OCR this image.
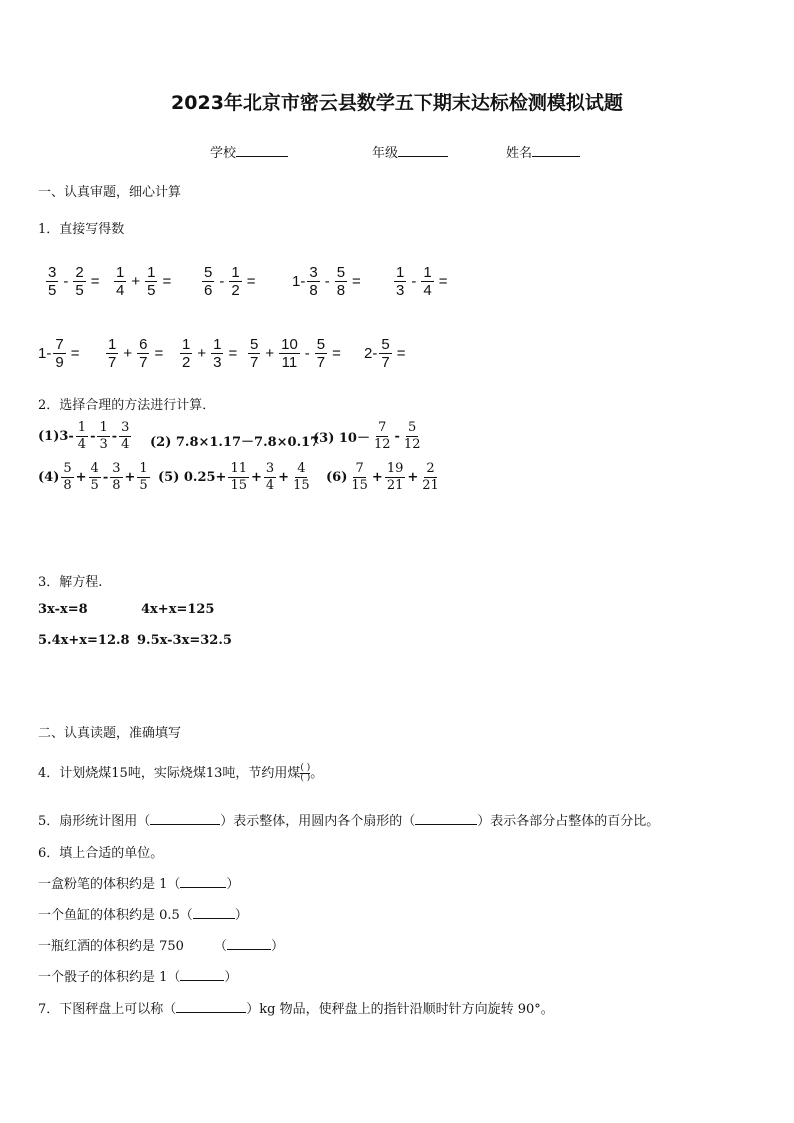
2023年北京市密云县数学五下期末达标检测模拟试题
学校	年级	姓名
一、认真审题，细心计算
1．直接写得数
$\frac{3}{5} - \frac{2}{5} = \frac{1}{4} + \frac{1}{5} = \frac{5}{6} - \frac{1}{2} = 1- \frac{3}{8} - \frac{5}{8} = \frac{1}{3} - \frac{1}{4}$ =
$1- \frac{7}{9} = \frac{1}{7} + \frac{6}{7} = \frac{1}{2} + \frac{1}{3} = \frac{5}{7} + \frac{10}{11} - \frac{5}{7} = 2- \frac{5}{7}$ =
2．选择合理的方法进行计算．
$(1)3- \frac{1}{4} - \frac{1}{3} - \frac{3}{4} (2)$ 7.8×1.17－7.8×0.17
(3) $10- \frac{7}{12} - \frac{5}{12}$
$(4) \frac{5}{8} + \frac{4}{5} - \frac{3}{8} + \frac{1}{5} (5)$ $0.25+ \frac{11}{15} + \frac{3}{4} + \frac{4}{15} (6) \frac{7}{15} + \frac{19}{21} + \frac{2}{21}$
3．解方程.
3x-x=8	4x+x=125
5.4x+x=12.8 9.5x-3x=32.5
二、认真读题，准确填写
4．计划烧煤15吨，实际烧煤13吨，节约用煤 ( )
( ) 。
5．扇形统计图用（	）表示整体，用圆内各个扇形的（	）表示各部分占整体的百分比。
6．填上合适的单位。
一盒粉笔的体积约是 1（	）
一个鱼缸的体积约是 0.5（	）
一瓶红酒的体积约是 750 （	）
一个骰子的体积约是 1（	）
7．下图秤盘上可以称（	）kg 物品，使秤盘上的指针沿顺时针方向旋转 90°。
